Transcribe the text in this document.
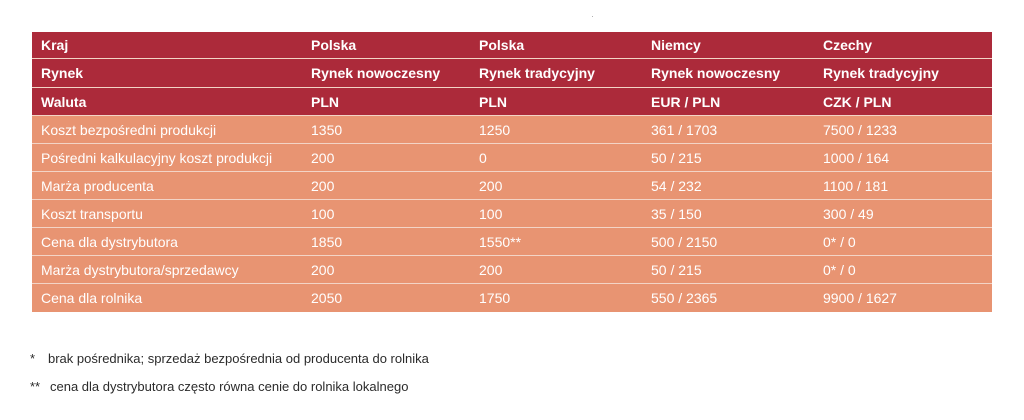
Kraj	Polska	Polska	Niemcy	Czechy
Rynek	Rynek nowoczesny	Rynek tradycyjny	Rynek nowoczesny	Rynek tradycyjny
Waluta	PLN	PLN	EUR / PLN	CZK / PLN
Koszt bezpośredni produkcji	1350	1250	361 / 1703	7500 / 1233
Pośredni kalkulacyjny koszt produkcji	200	0	50 / 215	1000 / 164
Marża producenta	200	200	54 / 232	1100 / 181
Koszt transportu	100	100	35 / 150	300 / 49
Cena dla dystrybutora	1850	1550**	500 / 2150	0* / 0
Marża dystrybutora/sprzedawcy	200	200	50 / 215	0* / 0
Cena dla rolnika	2050	1750	550 / 2365	9900 / 1627
* brak pośrednika; sprzedaż bezpośrednia od producenta do rolnika
** cena dla dystrybutora często równa cenie do rolnika lokalnego
